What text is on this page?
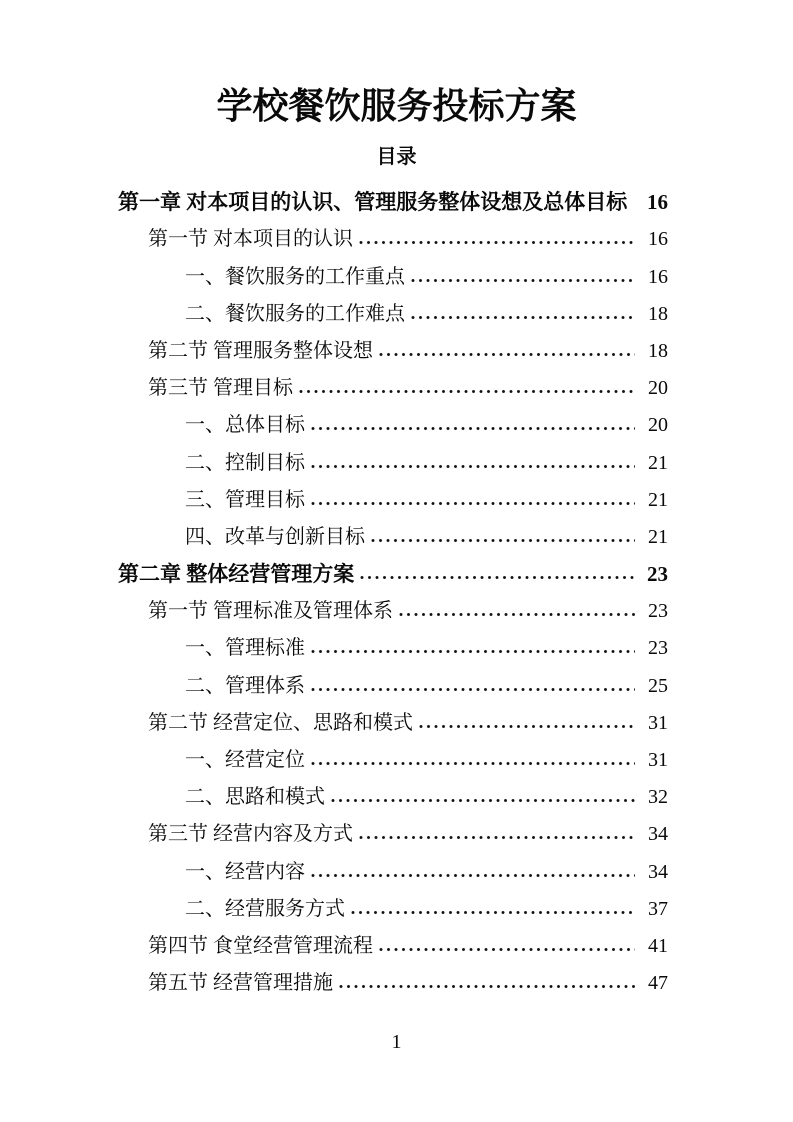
学校餐饮服务投标方案
目录
第一章 对本项目的认识、管理服务整体设想及总体目标 16
第一节 对本项目的认识	16
一、餐饮服务的工作重点	16
二、餐饮服务的工作难点	18
第二节 管理服务整体设想	18
第三节 管理目标	20
一、总体目标	20
二、控制目标	21
三、管理目标	21
四、改革与创新目标	21
第二章 整体经营管理方案	23
第一节 管理标准及管理体系	23
一、管理标准	23
二、管理体系	25
第二节 经营定位、思路和模式	31
一、经营定位	31
二、思路和模式	32
第三节 经营内容及方式	34
一、经营内容	34
二、经营服务方式	37
第四节 食堂经营管理流程	41
第五节 经营管理措施	47
1
